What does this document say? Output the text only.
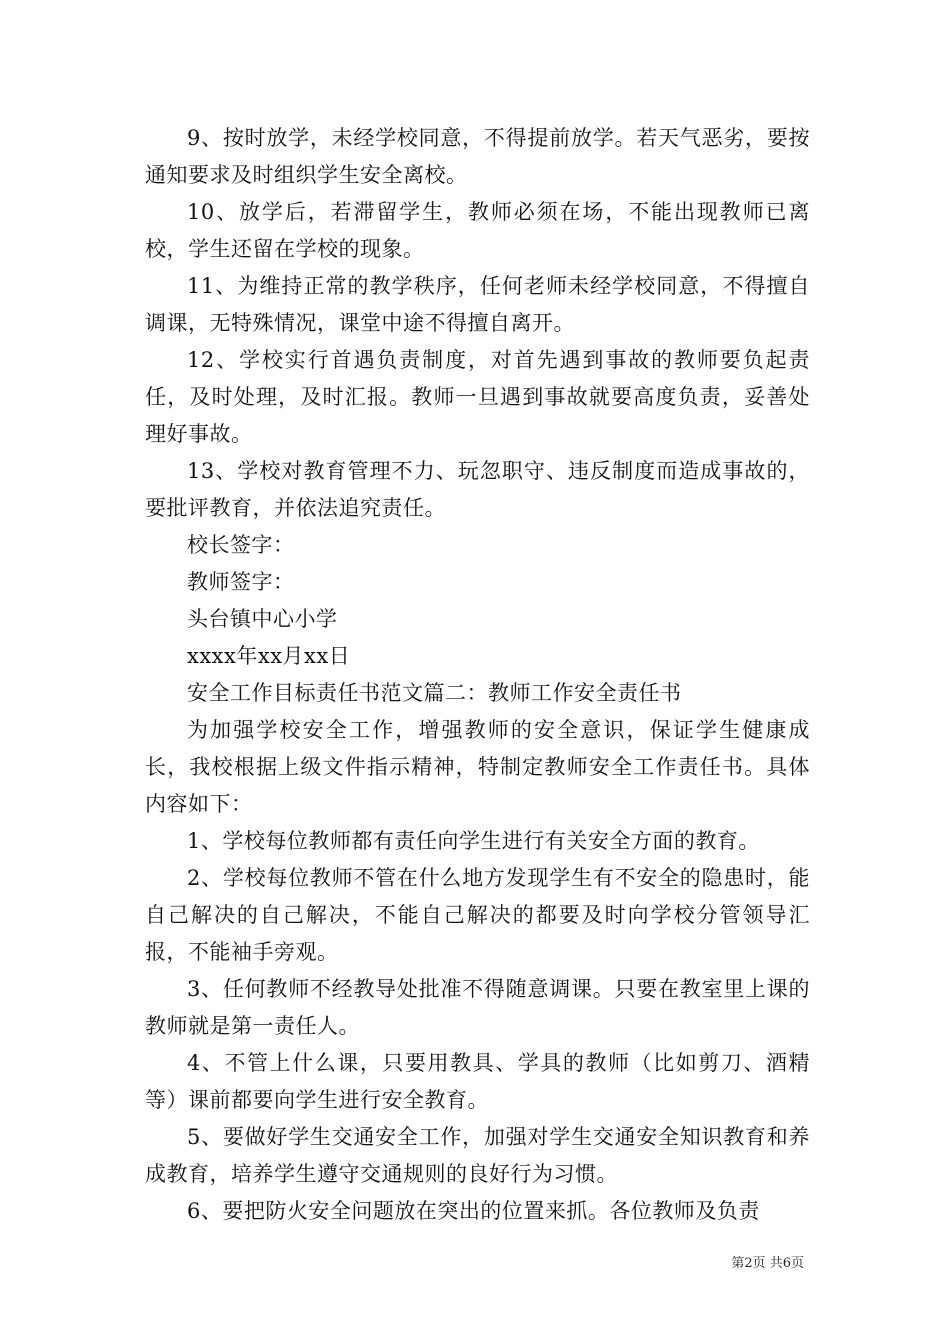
9、按时放学，未经学校同意，不得提前放学。若天气恶劣，要按通知要求及时组织学生安全离校。

10、放学后，若滞留学生，教师必须在场，不能出现教师已离校，学生还留在学校的现象。

11、为维持正常的教学秩序，任何老师未经学校同意，不得擅自调课，无特殊情况，课堂中途不得擅自离开。

12、学校实行首遇负责制度，对首先遇到事故的教师要负起责任，及时处理，及时汇报。教师一旦遇到事故就要高度负责，妥善处理好事故。

13、学校对教育管理不力、玩忽职守、违反制度而造成事故的，要批评教育，并依法追究责任。

校长签字：

教师签字：

头台镇中心小学

xxxx年xx月xx日

安全工作目标责任书范文篇二：教师工作安全责任书

为加强学校安全工作，增强教师的安全意识，保证学生健康成长，我校根据上级文件指示精神，特制定教师安全工作责任书。具体内容如下：

1、学校每位教师都有责任向学生进行有关安全方面的教育。

2、学校每位教师不管在什么地方发现学生有不安全的隐患时，能自己解决的自己解决，不能自己解决的都要及时向学校分管领导汇报，不能袖手旁观。

3、任何教师不经教导处批准不得随意调课。只要在教室里上课的教师就是第一责任人。

4、不管上什么课，只要用教具、学具的教师（比如剪刀、酒精等）课前都要向学生进行安全教育。

5、要做好学生交通安全工作，加强对学生交通安全知识教育和养成教育，培养学生遵守交通规则的良好行为习惯。

6、要把防火安全问题放在突出的位置来抓。各位教师及负责

第2页 共6页
